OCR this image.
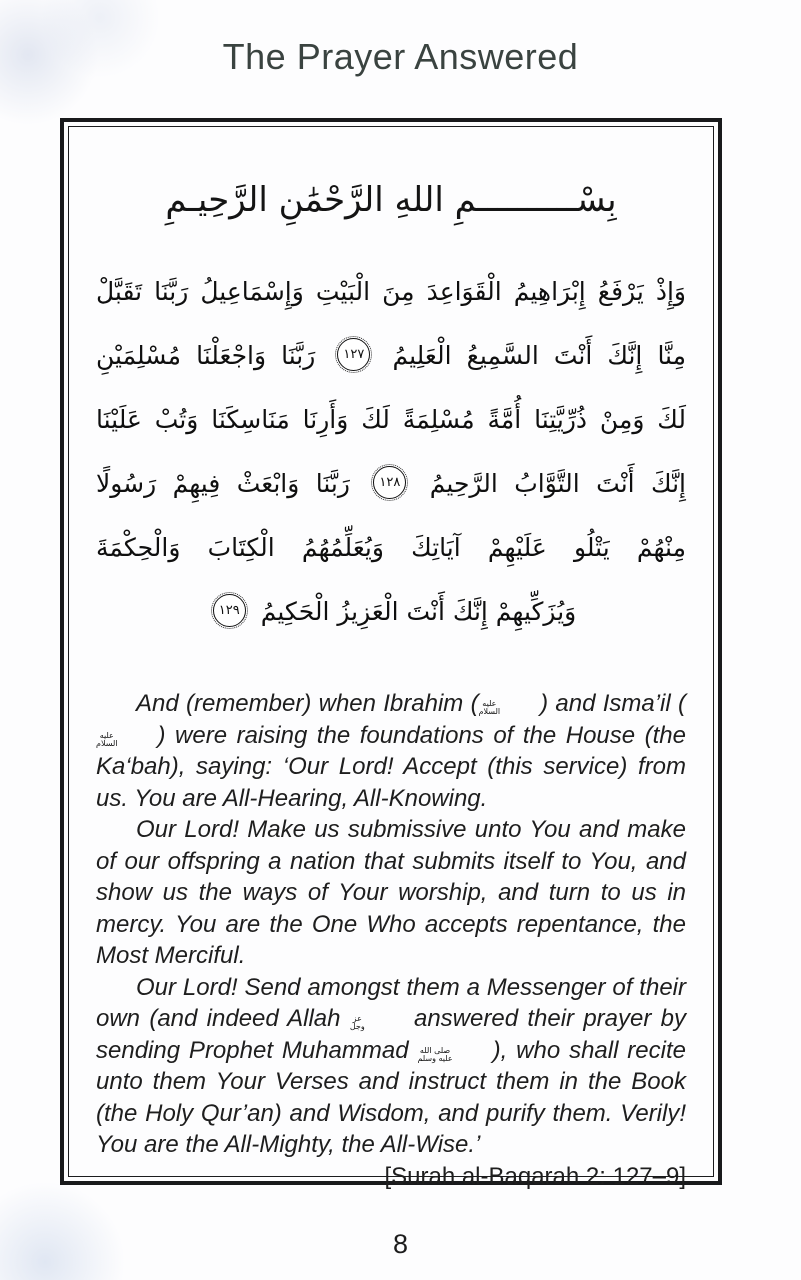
The Prayer Answered
بِسْــــــــــمِ اللهِ الرَّحْمَٰنِ الرَّحِيـمِ
وَإِذْ يَرْفَعُ إِبْرَاهِيمُ الْقَوَاعِدَ مِنَ الْبَيْتِ وَإِسْمَاعِيلُ رَبَّنَا تَقَبَّلْ
مِنَّا إِنَّكَ أَنْتَ السَّمِيعُ الْعَلِيمُ
١٢٧
رَبَّنَا وَاجْعَلْنَا مُسْلِمَيْنِ
لَكَ وَمِنْ ذُرِّيَّتِنَا أُمَّةً مُسْلِمَةً لَكَ وَأَرِنَا مَنَاسِكَنَا وَتُبْ عَلَيْنَا
إِنَّكَ أَنْتَ التَّوَّابُ الرَّحِيمُ
١٢٨
رَبَّنَا وَابْعَثْ فِيهِمْ رَسُولًا
مِنْهُمْ يَتْلُو عَلَيْهِمْ آيَاتِكَ وَيُعَلِّمُهُمُ الْكِتَابَ وَالْحِكْمَةَ
وَيُزَكِّيهِمْ إِنَّكَ أَنْتَ الْعَزِيزُ الْحَكِيمُ
١٢٩

And (remember) when Ibrahim ( عليه
السلام	) and Isma’il (
عليه
السلام	) were raising the foundations of the House (the Ka‘bah), saying: ‘Our Lord! Accept (this service) from us. You are All-Hearing, All-Knowing.

Our Lord! Make us submissive unto You and make of our offspring a nation that submits itself to You, and show us the ways of Your worship, and turn to us in mercy. You are the One Who accepts repentance, the Most Merciful.

Our Lord! Send amongst them a Messenger of their own (and indeed Allah عز
وجل	answered their prayer by sending Prophet Muhammad صلى الله
عليه وسلم	), who shall recite unto them Your Verses and instruct them in the Book (the Holy Qur’an) and Wisdom, and purify them. Verily! You are the All-Mighty, the All-Wise.’
[Surah al-Baqarah 2: 127–9]

8
